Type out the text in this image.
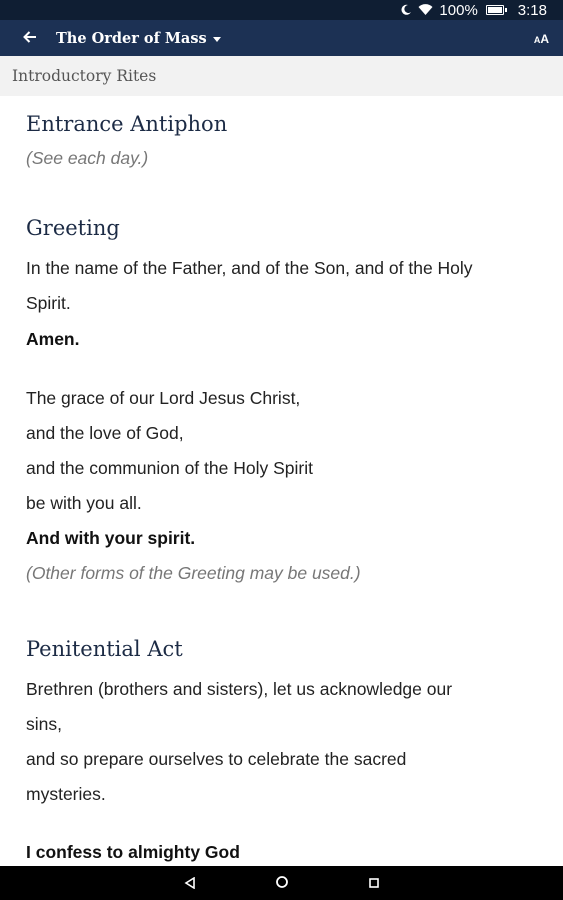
100%	3:18
The Order of Mass	A A
Introductory Rites
Entrance Antiphon
(See each day.)
Greeting
In the name of the Father, and of the Son, and of the Holy
Spirit.
Amen.
The grace of our Lord Jesus Christ,
and the love of God,
and the communion of the Holy Spirit
be with you all.
And with your spirit.
(Other forms of the Greeting may be used.)
Penitential Act
Brethren (brothers and sisters), let us acknowledge our
sins,
and so prepare ourselves to celebrate the sacred
mysteries.
I confess to almighty God
